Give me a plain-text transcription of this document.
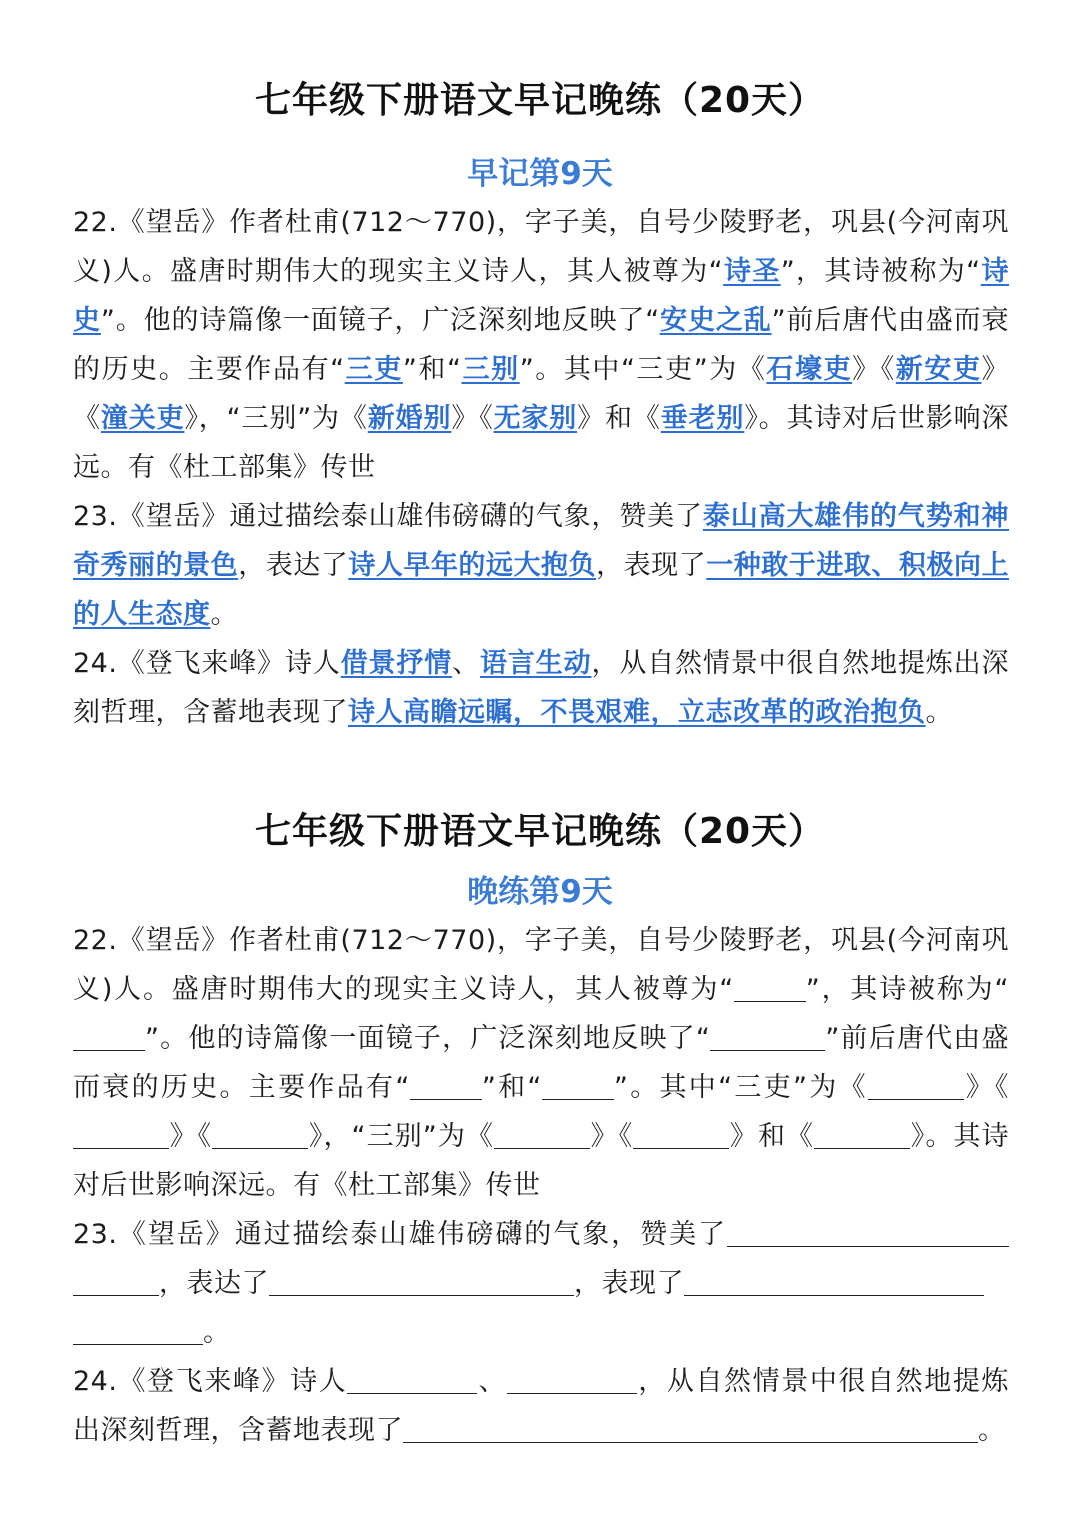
七年级下册语文早记晚练（20天）
早记第9天
22.《望岳》作者杜甫(712～770)，字子美，自号少陵野老，巩县(今河南巩义)人。盛唐时期伟大的现实主义诗人，其人被尊为“诗圣”，其诗被称为“诗史”。他的诗篇像一面镜子，广泛深刻地反映了“安史之乱”前后唐代由盛而衰的历史。主要作品有“三吏”和“三别”。其中“三吏”为《石壕吏》《新安吏》《潼关吏》，“三别”为《新婚别》《无家别》和《垂老别》。其诗对后世影响深远。有《杜工部集》传世
23.《望岳》通过描绘泰山雄伟磅礴的气象，赞美了泰山高大雄伟的气势和神奇秀丽的景色，表达了诗人早年的远大抱负，表现了一种敢于进取、积极向上的人生态度。
24.《登飞来峰》诗人借景抒情、语言生动，从自然情景中很自然地提炼出深刻哲理，含蓄地表现了诗人高瞻远瞩，不畏艰难，立志改革的政治抱负。
七年级下册语文早记晚练（20天）
晚练第9天
22.《望岳》作者杜甫(712～770)，字子美，自号少陵野老，巩县(今河南巩义)人。盛唐时期伟大的现实主义诗人，其人被尊为“	”，其诗被称为“”。他的诗篇像一面镜子，广泛深刻地反映了“	”前后唐代由盛而衰的历史。主要作品有“	”和“	”。其中“三吏”为《	》《》《	》，“三别”为《	》《	》和《	》。其诗对后世影响深远。有《杜工部集》传世
23.《望岳》通过描绘泰山雄伟磅礴的气象，赞美了，表达了	，表现了
。
24.《登飞来峰》诗人	、	，从自然情景中很自然地提炼出深刻哲理，含蓄地表现了	。
